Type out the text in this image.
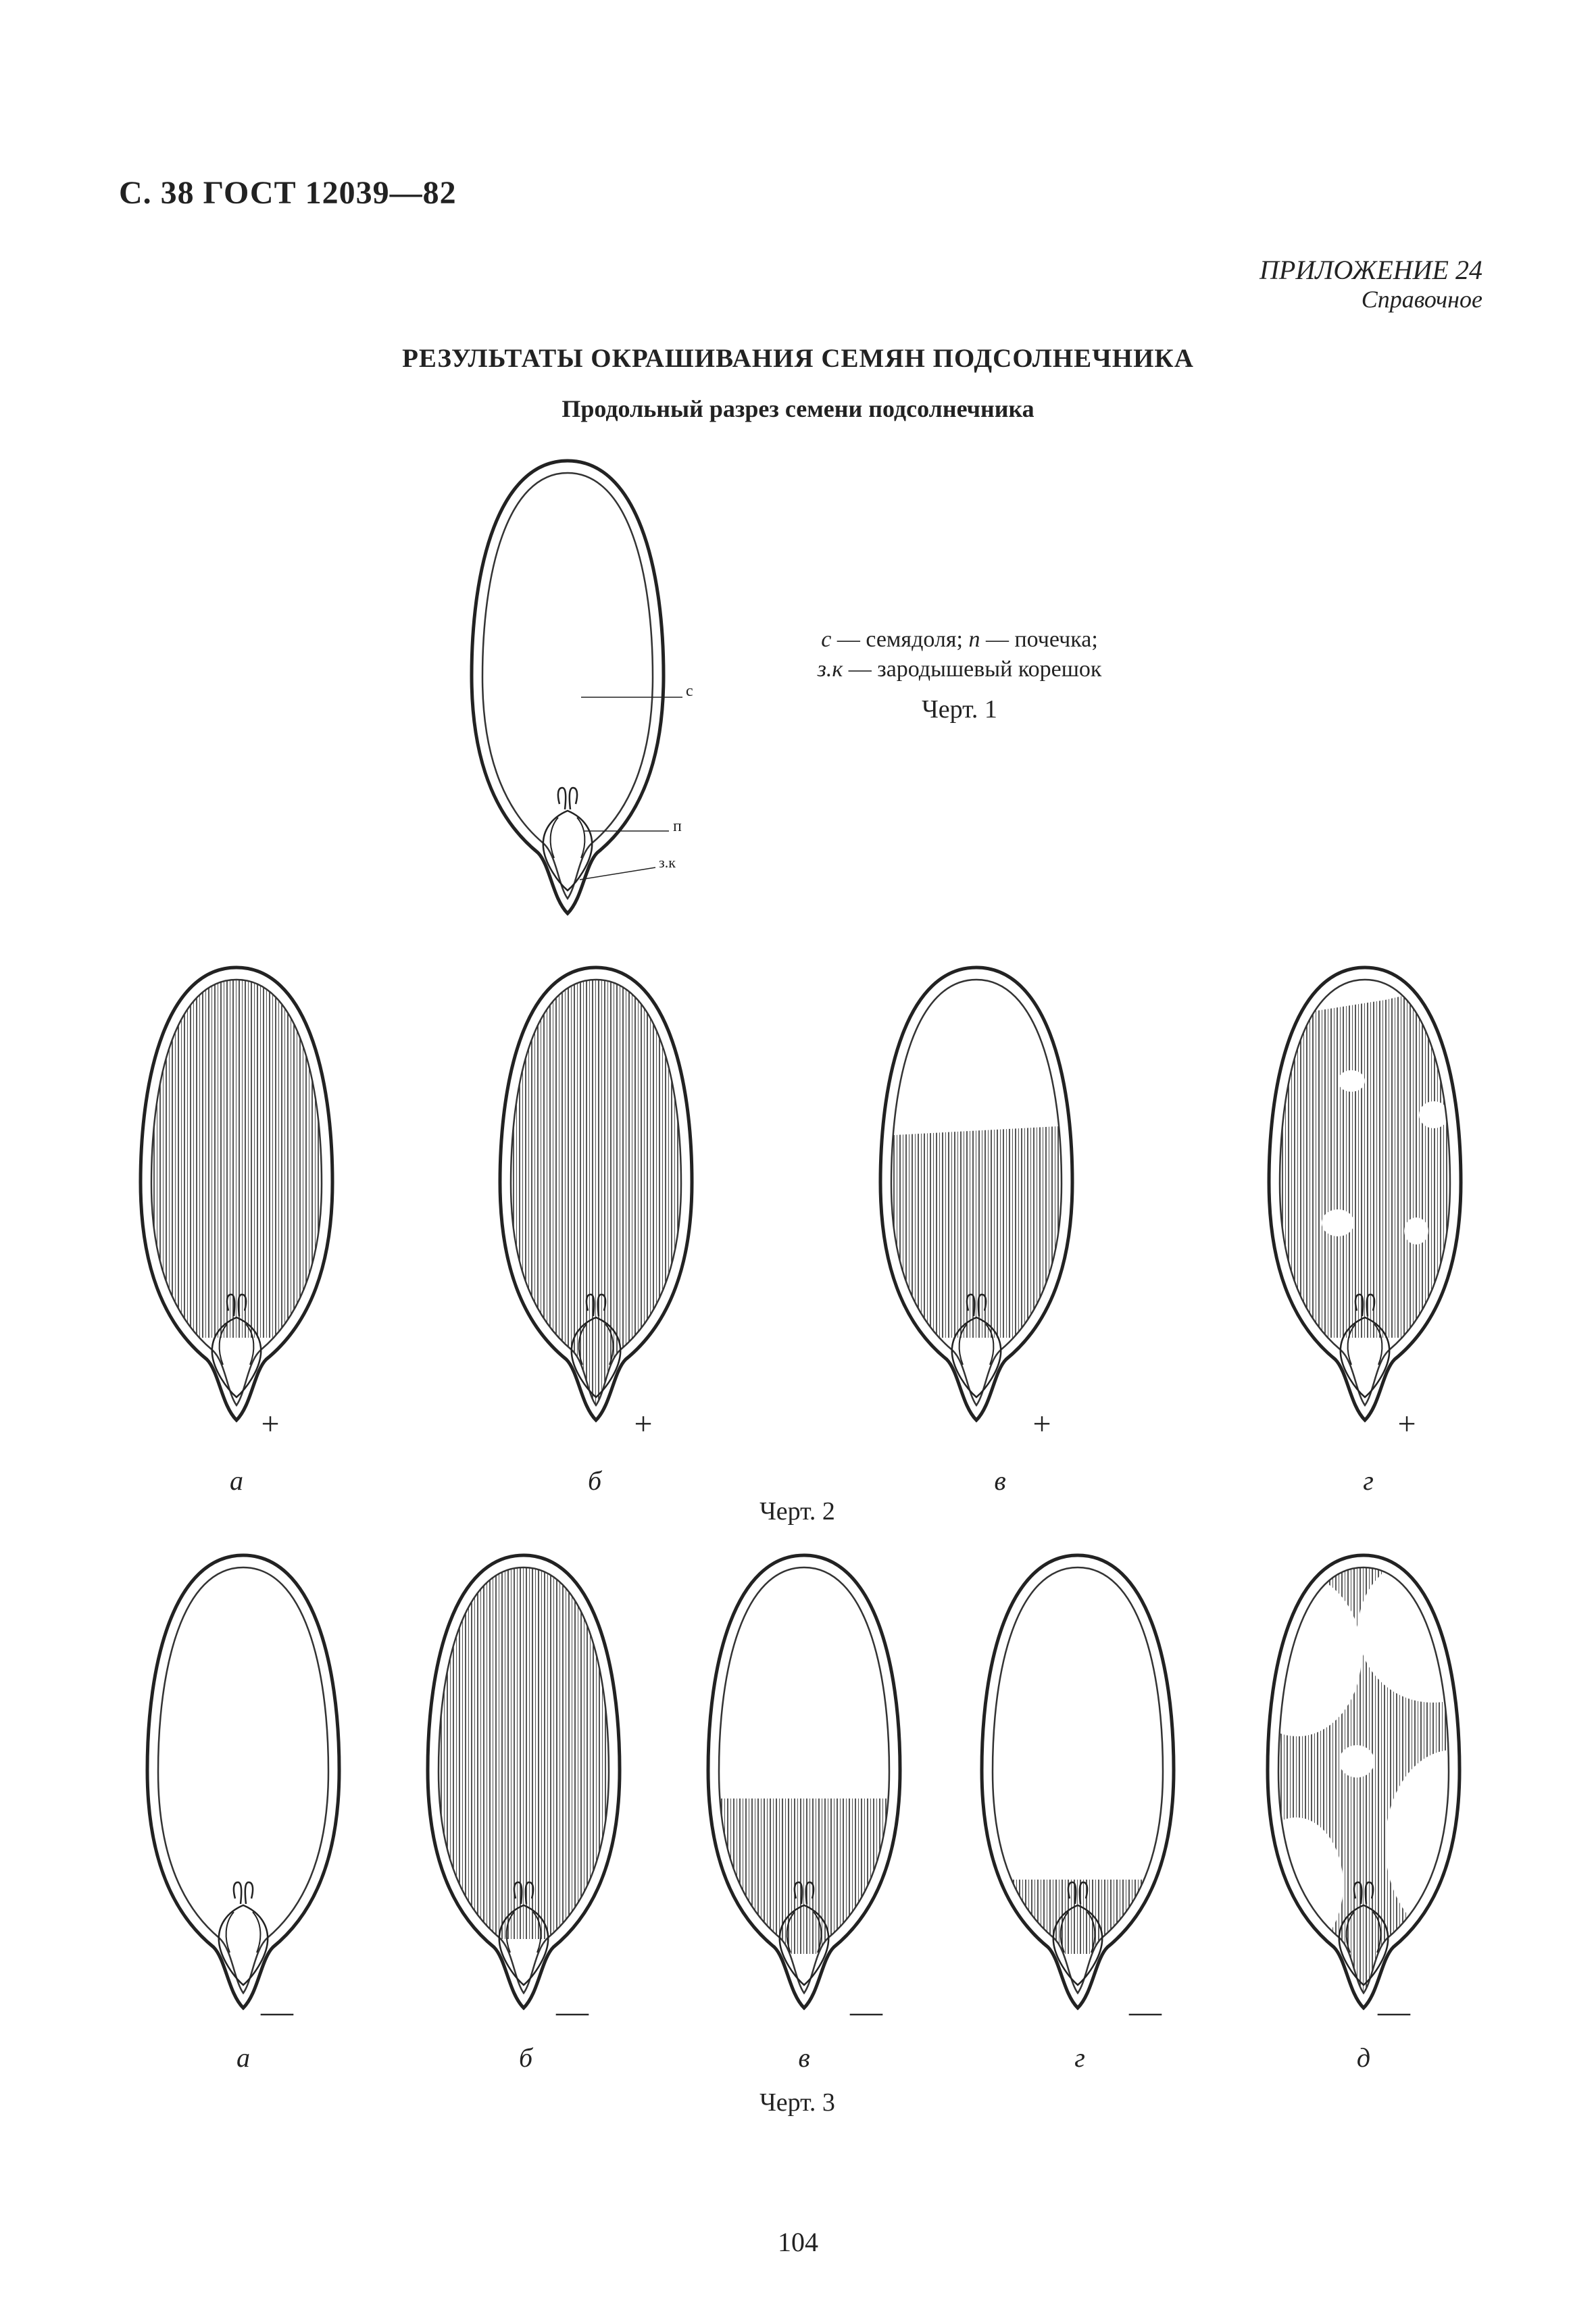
С. 38 ГОСТ 12039—82
ПРИЛОЖЕНИЕ 24
Справочное
РЕЗУЛЬТАТЫ ОКРАШИВАНИЯ СЕМЯН ПОДСОЛНЕЧНИКА
Продольный разрез семени подсолнечника
с
п
з.к
с — семядоля; п — почечка;
з.к — зародышевый корешок
Черт. 1
+	+	+	+
а	б	в	г
Черт. 2
—	—	—	—	—
а	б	в	г	д
Черт. 3
104
